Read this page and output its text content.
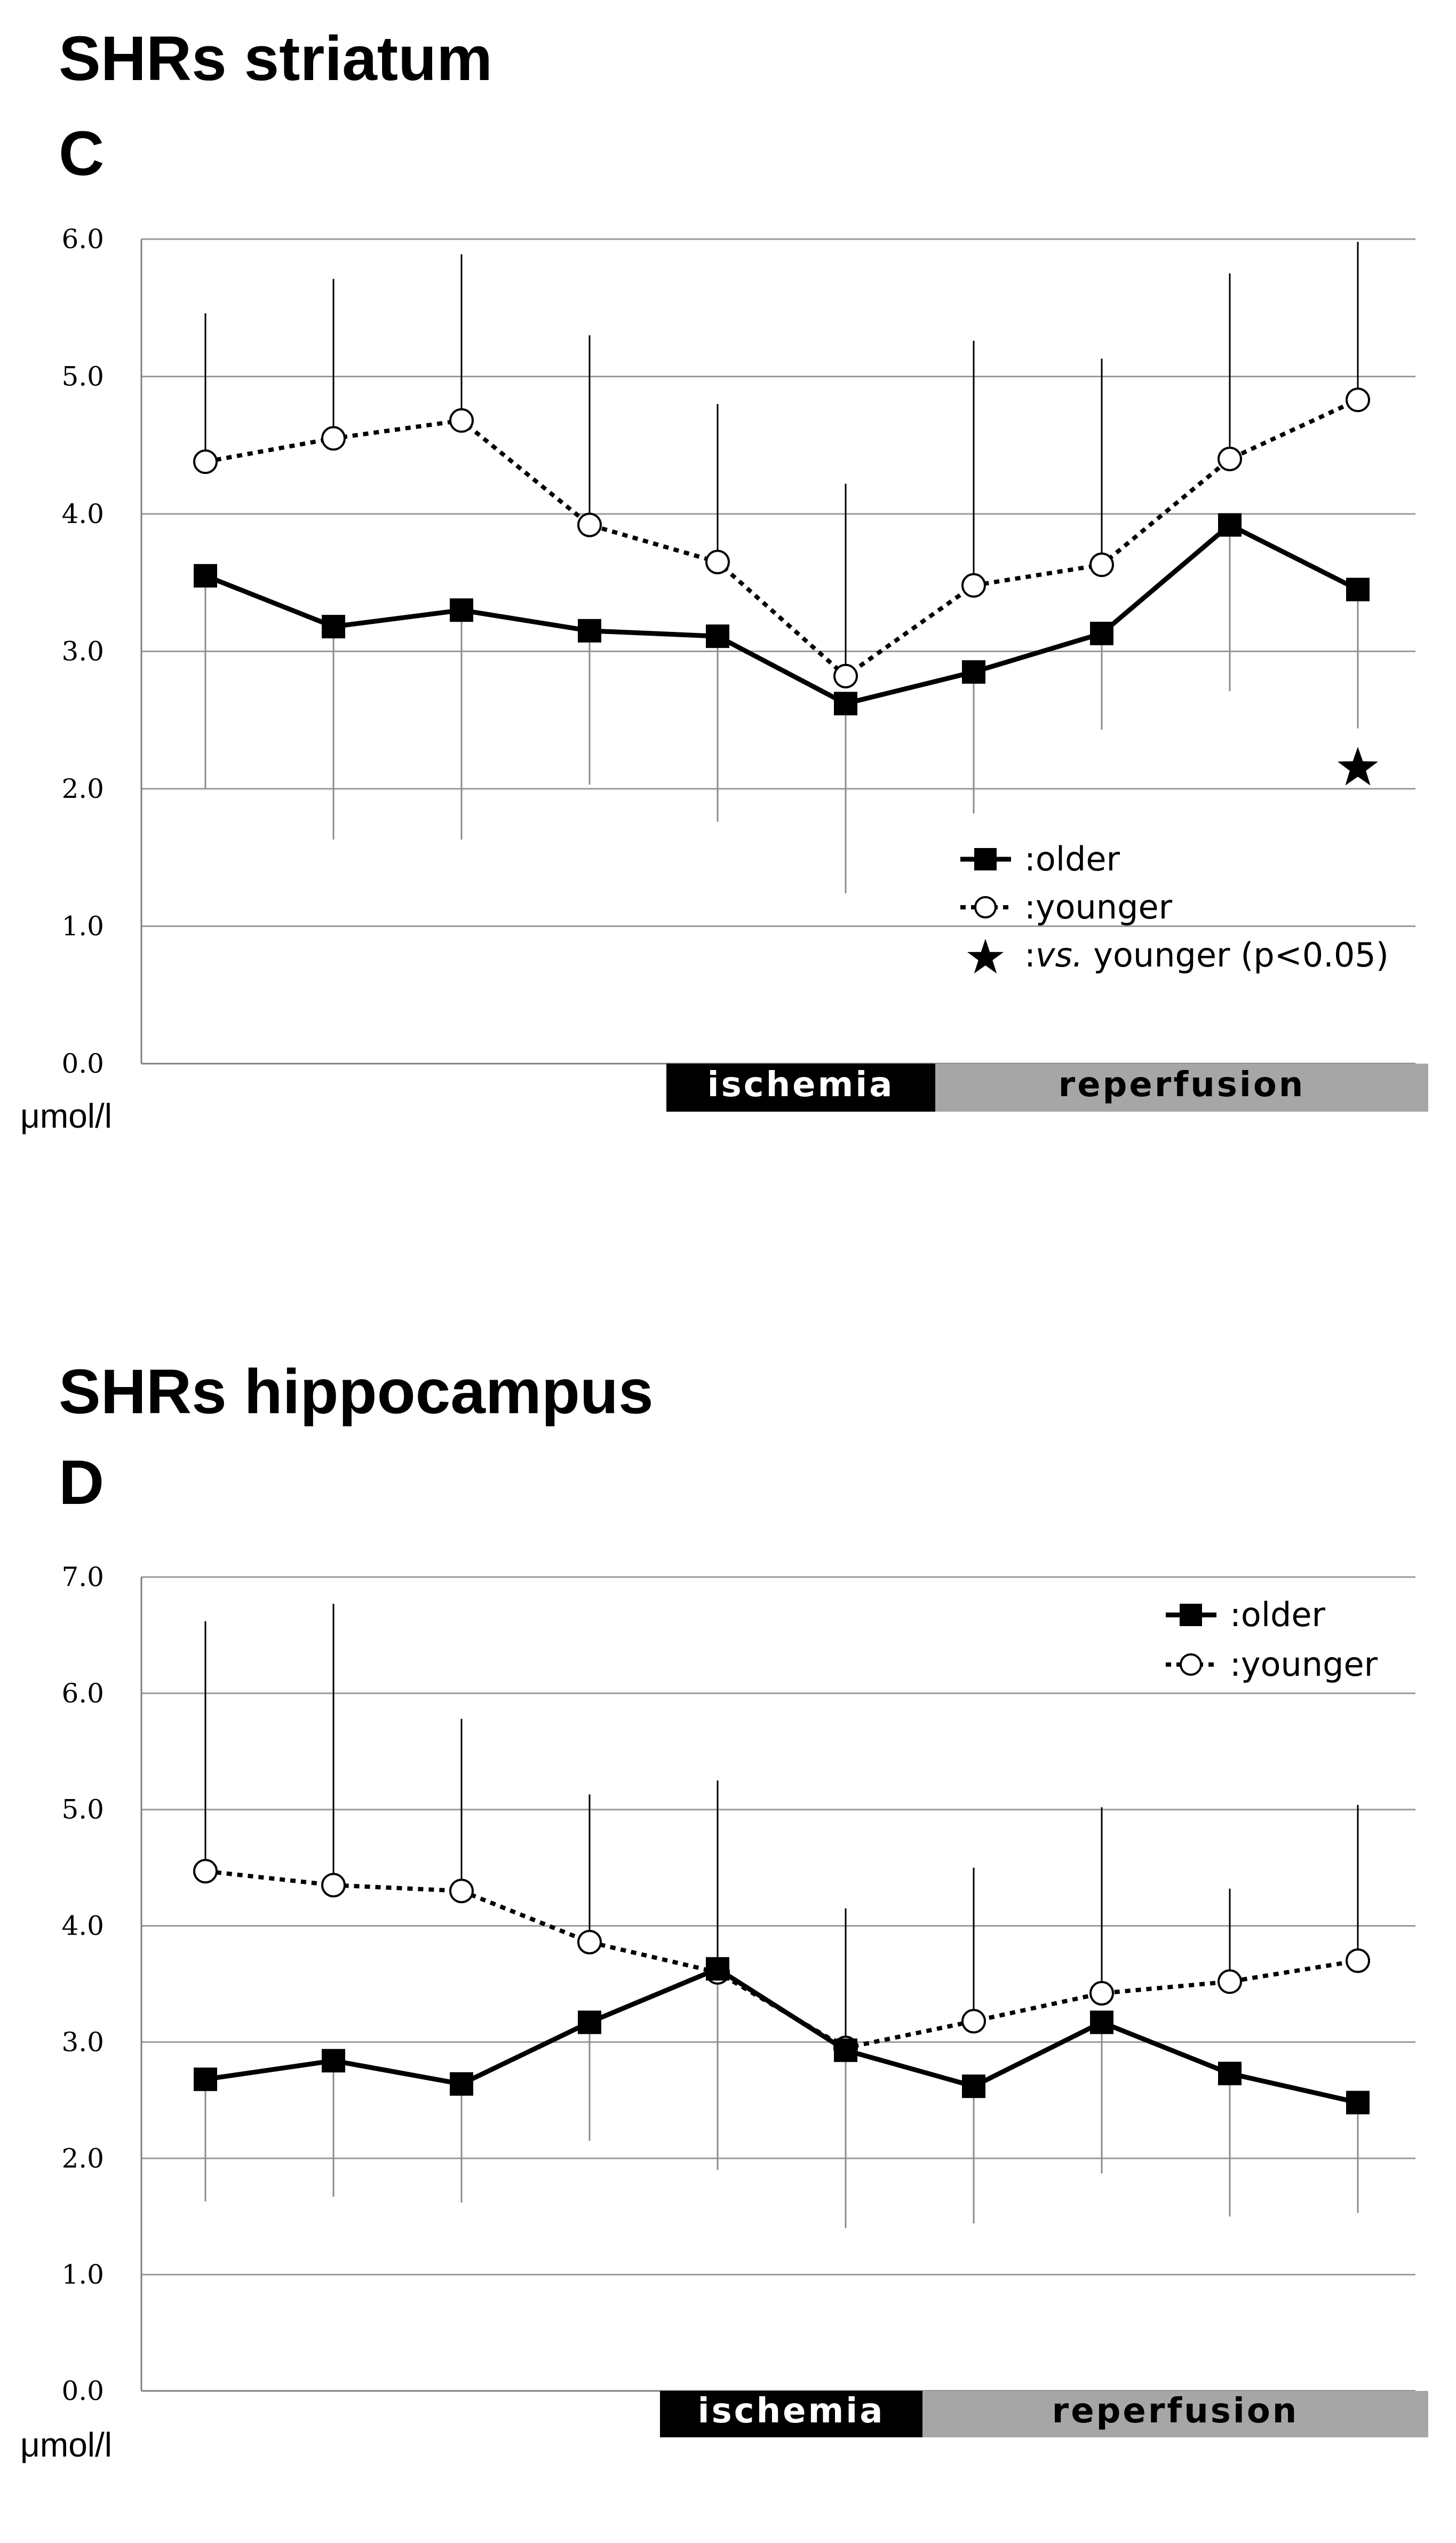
SHRs striatum
C
0.0
1.0
2.0
3.0
4.0
5.0
6.0
μmol/l
ischemia	reperfusion
:older
:younger
:vs. younger (p<0.05)
SHRs hippocampus
D
0.0
1.0
2.0
3.0
4.0
5.0
6.0
7.0
μmol/l
ischemia	reperfusion
:older
:younger
